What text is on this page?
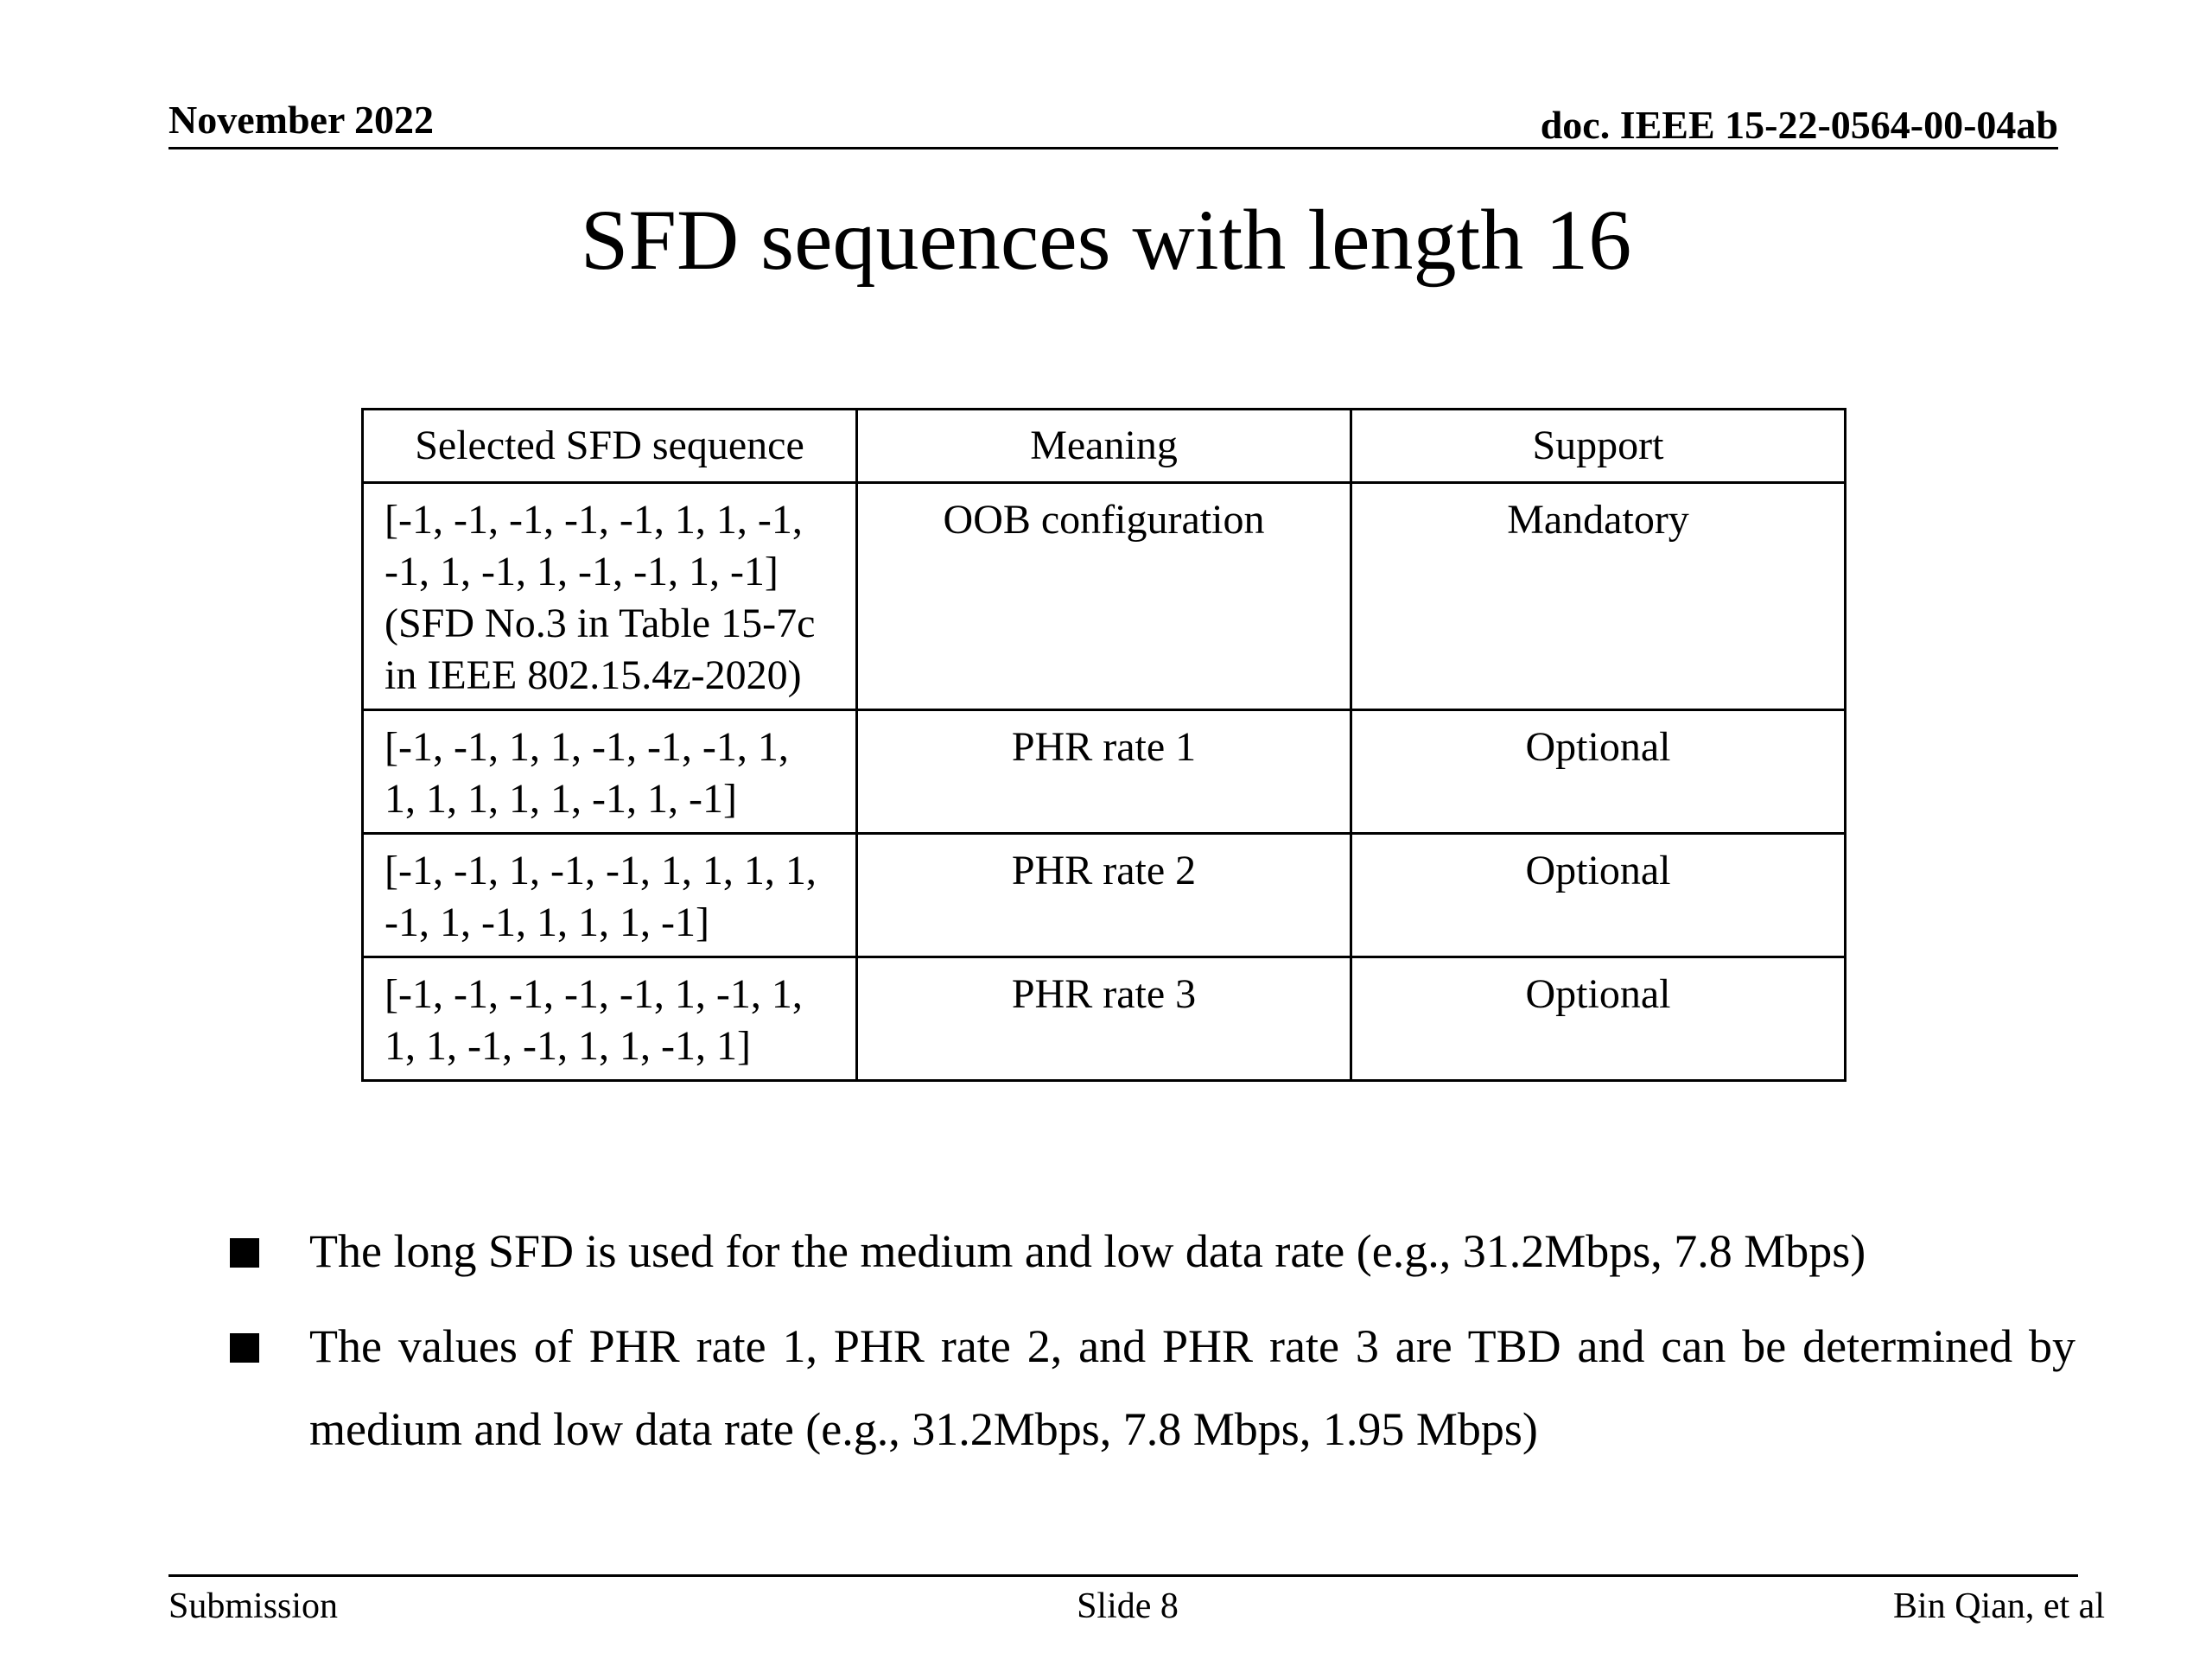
November 2022	doc. IEEE 15-22-0564-00-04ab
SFD sequences with length 16
Selected SFD sequence	Meaning	Support

[-1, -1, -1, -1, -1, 1, 1, -1,
-1, 1, -1, 1, -1, -1, 1, -1]
(SFD No.3 in Table 15-7c
in IEEE 802.15.4z-2020)	OOB configuration	Mandatory

[-1, -1, 1, 1, -1, -1, -1, 1,
1, 1, 1, 1, 1, -1, 1, -1]	PHR rate 1	Optional

[-1, -1, 1, -1, -1, 1, 1, 1, 1,
-1, 1, -1, 1, 1, 1, -1]	PHR rate 2	Optional

[-1, -1, -1, -1, -1, 1, -1, 1,
1, 1, -1, -1, 1, 1, -1, 1]	PHR rate 3	Optional
The long SFD is used for the medium and low data rate (e.g., 31.2Mbps, 7.8 Mbps)
The values of PHR rate 1, PHR rate 2, and PHR rate 3 are TBD and can be determined by medium and low data rate (e.g., 31.2Mbps, 7.8 Mbps, 1.95 Mbps)
Submission	Slide 8	Bin Qian, et al
